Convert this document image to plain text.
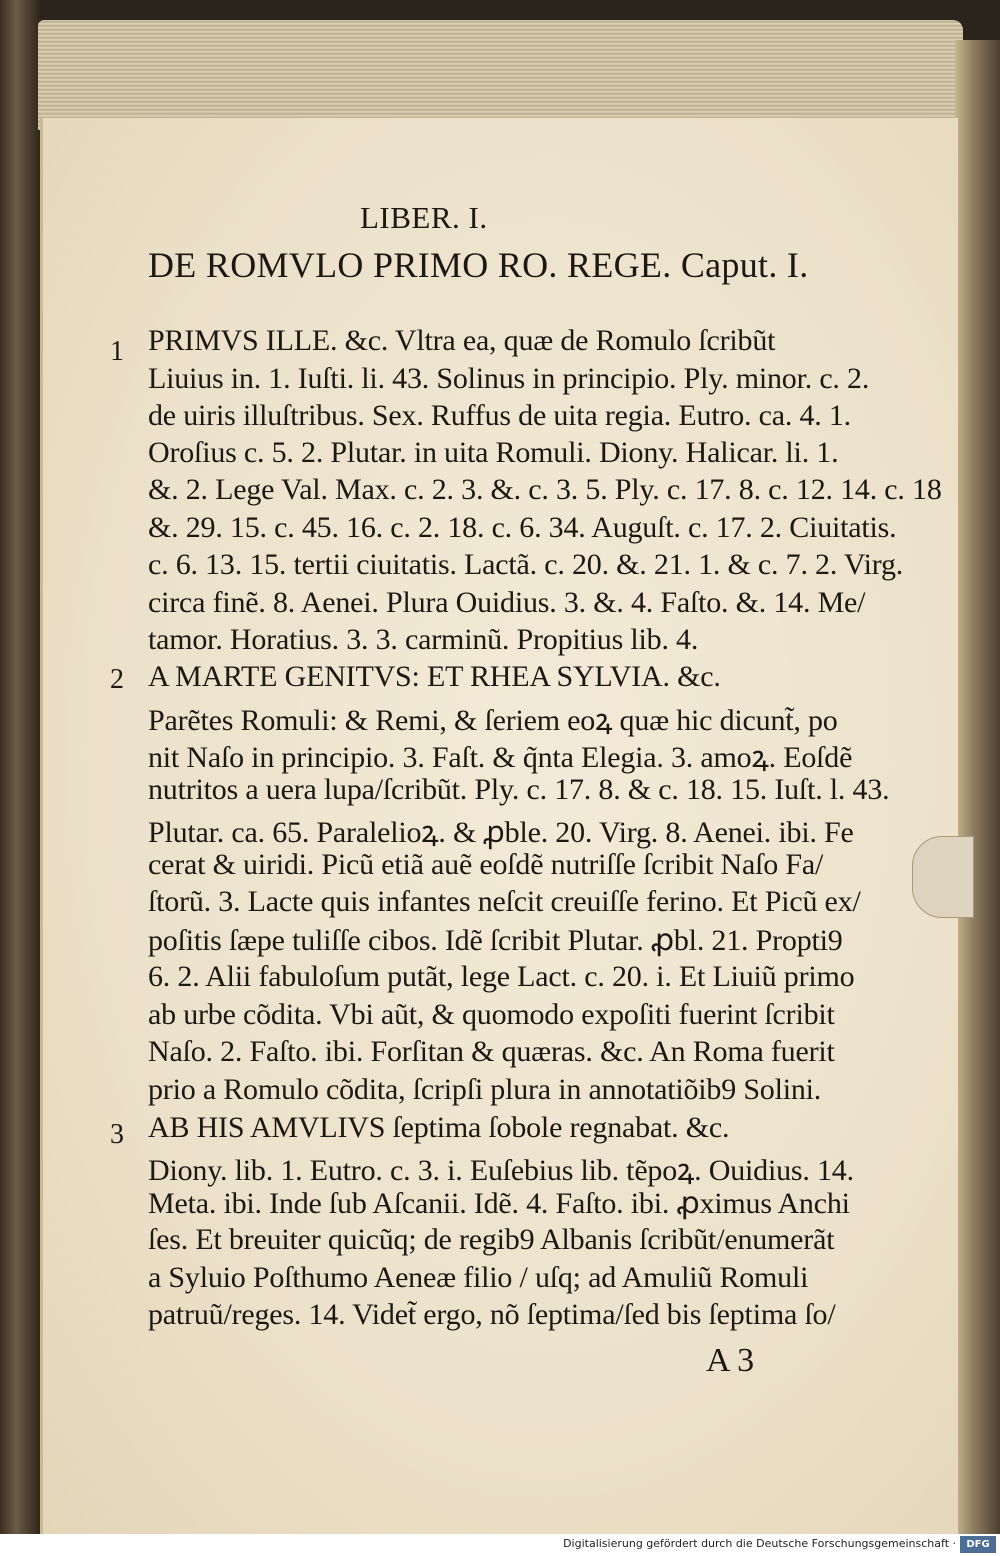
LIBER. I.
DE ROMVLO PRIMO RO. REGE. Caput. I.
1
2
3
PRIMVS ILLE. &c. Vltra ea, quæ de Romulo ſcribũt
Liuius in. 1. Iuſti. li. 43. Solinus in principio. Ply. minor. c. 2.
de uiris illuſtribus. Sex. Ruffus de uita regia. Eutro. ca. 4. 1.
Oroſius c. 5. 2. Plutar. in uita Romuli. Diony. Halicar. li. 1.
&. 2. Lege Val. Max. c. 2. 3. &. c. 3. 5. Ply. c. 17. 8. c. 12. 14. c. 18
&. 29. 15. c. 45. 16. c. 2. 18. c. 6. 34. Auguſt. c. 17. 2. Ciuitatis.
c. 6. 13. 15. tertii ciuitatis. Lactã. c. 20. &. 21. 1. & c. 7. 2. Virg.
circa finẽ. 8. Aenei. Plura Ouidius. 3. &. 4. Faſto. &. 14. Me/
tamor. Horatius. 3. 3. carminũ. Propitius lib. 4.
A MARTE GENITVS: ET RHEA SYLVIA. &c.
Parẽtes Romuli: & Remi, & ſeriem eoꝝ quæ hic dicunt̃, po
nit Naſo in principio. 3. Faſt. & q̃nta Elegia. 3. amoꝝ. Eoſdẽ
nutritos a uera lupa/ſcribũt. Ply. c. 17. 8. & c. 18. 15. Iuſt. l. 43.
Plutar. ca. 65. Paralelioꝝ. & ꝓble. 20. Virg. 8. Aenei. ibi. Fe
cerat & uiridi. Picũ etiã auẽ eoſdẽ nutriſſe ſcribit Naſo Fa/
ſtorũ. 3. Lacte quis infantes neſcit creuiſſe ferino. Et Picũ ex/
poſitis ſæpe tuliſſe cibos. Idẽ ſcribit Plutar. ꝓbl. 21. Propti9
6. 2. Alii fabuloſum putãt, lege Lact. c. 20. i. Et Liuiũ primo
ab urbe cõdita. Vbi aũt, & quomodo expoſiti fuerint ſcribit
Naſo. 2. Faſto. ibi. Forſitan & quæras. &c. An Roma fuerit
prio a Romulo cõdita, ſcripſi plura in annotatiõib9 Solini.
AB HIS AMVLIVS ſeptima ſobole regnabat. &c.
Diony. lib. 1. Eutro. c. 3. i. Euſebius lib. tẽpoꝝ. Ouidius. 14.
Meta. ibi. Inde ſub Aſcanii. Idẽ. 4. Faſto. ibi. ꝓximus Anchi
ſes. Et breuiter quicũq; de regib9 Albanis ſcribũt/enumerãt
a Syluio Poſthumo Aeneæ filio / uſq; ad Amuliũ Romuli
patruũ/reges. 14. Videt̃ ergo, nõ ſeptima/ſed bis ſeptima ſo/
A 3
Digitalisierung gefördert durch die Deutsche Forschungsgemeinschaft ·	DFG
